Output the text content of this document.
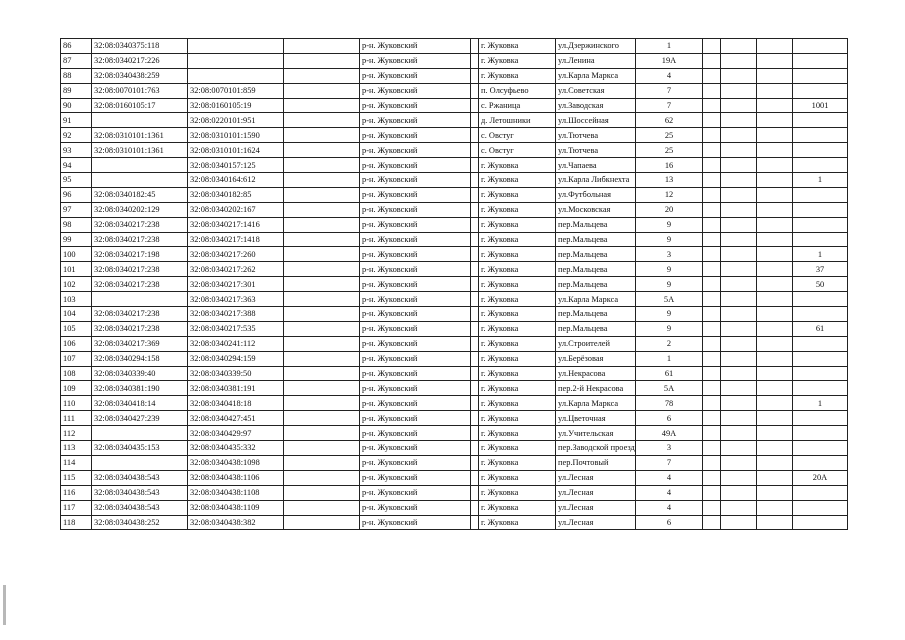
86	32:08:0340375:118			р-н. Жуковский		г. Жуковка	ул.Дзержинского	1				
87	32:08:0340217:226			р-н. Жуковский		г. Жуковка	ул.Ленина	19А				
88	32:08:0340438:259			р-н. Жуковский		г. Жуковка	ул.Карла Маркса	4				
89	32:08:0070101:763	32:08:0070101:859		р-н. Жуковский		п. Олсуфьево	ул.Советская	7				
90	32:08:0160105:17	32:08:0160105:19		р-н. Жуковский		с. Ржаница	ул.Заводская	7				1001
91		32:08:0220101:951		р-н. Жуковский		д. Летошники	ул.Шоссейная	62				
92	32:08:0310101:1361	32:08:0310101:1590		р-н. Жуковский		с. Овстуг	ул.Тютчева	25				
93	32:08:0310101:1361	32:08:0310101:1624		р-н. Жуковский		с. Овстуг	ул.Тютчева	25				
94		32:08:0340157:125		р-н. Жуковский		г. Жуковка	ул.Чапаева	16				
95		32:08:0340164:612		р-н. Жуковский		г. Жуковка	ул.Карла Либкнехта	13				1
96	32:08:0340182:45	32:08:0340182:85		р-н. Жуковский		г. Жуковка	ул.Футбольная	12				
97	32:08:0340202:129	32:08:0340202:167		р-н. Жуковский		г. Жуковка	ул.Московская	20				
98	32:08:0340217:238	32:08:0340217:1416		р-н. Жуковский		г. Жуковка	пер.Мальцева	9				
99	32:08:0340217:238	32:08:0340217:1418		р-н. Жуковский		г. Жуковка	пер.Мальцева	9				
100	32:08:0340217:198	32:08:0340217:260		р-н. Жуковский		г. Жуковка	пер.Мальцева	3				1
101	32:08:0340217:238	32:08:0340217:262		р-н. Жуковский		г. Жуковка	пер.Мальцева	9				37
102	32:08:0340217:238	32:08:0340217:301		р-н. Жуковский		г. Жуковка	пер.Мальцева	9				50
103		32:08:0340217:363		р-н. Жуковский		г. Жуковка	ул.Карла Маркса	5А				
104	32:08:0340217:238	32:08:0340217:388		р-н. Жуковский		г. Жуковка	пер.Мальцева	9				
105	32:08:0340217:238	32:08:0340217:535		р-н. Жуковский		г. Жуковка	пер.Мальцева	9				61
106	32:08:0340217:369	32:08:0340241:112		р-н. Жуковский		г. Жуковка	ул.Строителей	2				
107	32:08:0340294:158	32:08:0340294:159		р-н. Жуковский		г. Жуковка	ул.Берёзовая	1				
108	32:08:0340339:40	32:08:0340339:50		р-н. Жуковский		г. Жуковка	ул.Некрасова	61				
109	32:08:0340381:190	32:08:0340381:191		р-н. Жуковский		г. Жуковка	пер.2-й Некрасова	5А				
110	32:08:0340418:14	32:08:0340418:18		р-н. Жуковский		г. Жуковка	ул.Карла Маркса	78				1
111	32:08:0340427:239	32:08:0340427:451		р-н. Жуковский		г. Жуковка	ул.Цветочная	6				
112		32:08:0340429:97		р-н. Жуковский		г. Жуковка	ул.Учительская	49А				
113	32:08:0340435:153	32:08:0340435:332		р-н. Жуковский		г. Жуковка	пер.Заводской проезд	3				
114		32:08:0340438:1098		р-н. Жуковский		г. Жуковка	пер.Почтовый	7				
115	32:08:0340438:543	32:08:0340438:1106		р-н. Жуковский		г. Жуковка	ул.Лесная	4				20А
116	32:08:0340438:543	32:08:0340438:1108		р-н. Жуковский		г. Жуковка	ул.Лесная	4				
117	32:08:0340438:543	32:08:0340438:1109		р-н. Жуковский		г. Жуковка	ул.Лесная	4				
118	32:08:0340438:252	32:08:0340438:382		р-н. Жуковский		г. Жуковка	ул.Лесная	6				
